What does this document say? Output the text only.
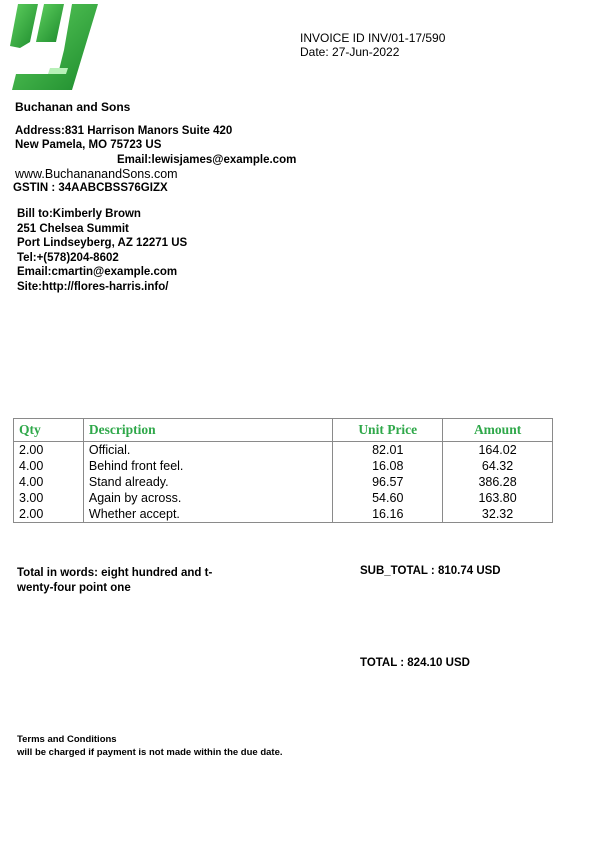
INVOICE ID INV/01-17/590
Date: 27-Jun-2022
Buchanan and Sons
Address:831 Harrison Manors Suite 420
New Pamela, MO 75723 US
Email:lewisjames@example.com
www.BuchananandSons.com
GSTIN : 34AABCBSS76GIZX
Bill to:Kimberly Brown
251 Chelsea Summit
Port Lindseyberg, AZ 12271 US
Tel:+(578)204-8602
Email:cmartin@example.com
Site:http://flores-harris.info/
Qty	Description	Unit Price	Amount
2.00	Official.	82.01	164.02
4.00	Behind front feel.	16.08	64.32
4.00	Stand already.	96.57	386.28
3.00	Again by across.	54.60	163.80
2.00	Whether accept.	16.16	32.32
Total in words: eight hundred and t-
wenty-four point one
SUB_TOTAL : 810.74 USD
TOTAL : 824.10 USD
Terms and Conditions
will be charged if payment is not made within the due date.
